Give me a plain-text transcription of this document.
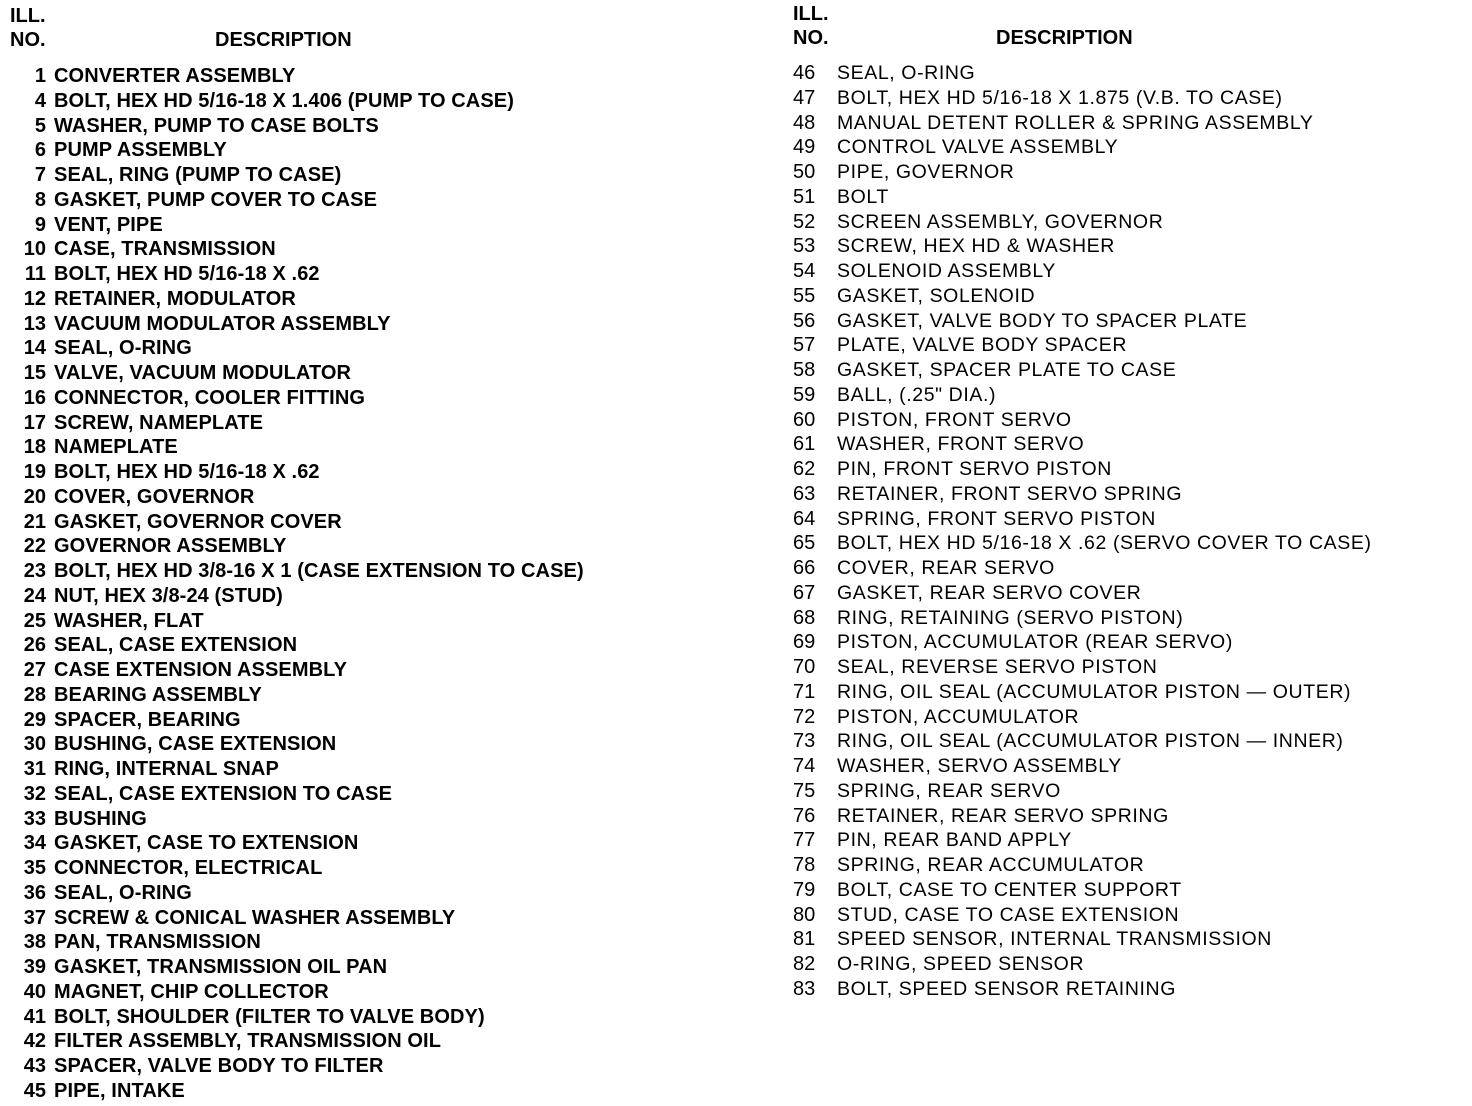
ILL.
NO.	DESCRIPTION
1 CONVERTER ASSEMBLY
4 BOLT, HEX HD 5/16-18 X 1.406 (PUMP TO CASE)
5 WASHER, PUMP TO CASE BOLTS
6 PUMP ASSEMBLY
7 SEAL, RING (PUMP TO CASE)
8 GASKET, PUMP COVER TO CASE
9 VENT, PIPE
10 CASE, TRANSMISSION
11 BOLT, HEX HD 5/16-18 X .62
12 RETAINER, MODULATOR
13 VACUUM MODULATOR ASSEMBLY
14 SEAL, O-RING
15 VALVE, VACUUM MODULATOR
16 CONNECTOR, COOLER FITTING
17 SCREW, NAMEPLATE
18 NAMEPLATE
19 BOLT, HEX HD 5/16-18 X .62
20 COVER, GOVERNOR
21 GASKET, GOVERNOR COVER
22 GOVERNOR ASSEMBLY
23 BOLT, HEX HD 3/8-16 X 1 (CASE EXTENSION TO CASE)
24 NUT, HEX 3/8-24 (STUD)
25 WASHER, FLAT
26 SEAL, CASE EXTENSION
27 CASE EXTENSION ASSEMBLY
28 BEARING ASSEMBLY
29 SPACER, BEARING
30 BUSHING, CASE EXTENSION
31 RING, INTERNAL SNAP
32 SEAL, CASE EXTENSION TO CASE
33 BUSHING
34 GASKET, CASE TO EXTENSION
35 CONNECTOR, ELECTRICAL
36 SEAL, O-RING
37 SCREW & CONICAL WASHER ASSEMBLY
38 PAN, TRANSMISSION
39 GASKET, TRANSMISSION OIL PAN
40 MAGNET, CHIP COLLECTOR
41 BOLT, SHOULDER (FILTER TO VALVE BODY)
42 FILTER ASSEMBLY, TRANSMISSION OIL
43 SPACER, VALVE BODY TO FILTER
45 PIPE, INTAKE
ILL.
NO.	DESCRIPTION
46	SEAL, O-RING
47	BOLT, HEX HD 5/16-18 X 1.875 (V.B. TO CASE)
48	MANUAL DETENT ROLLER & SPRING ASSEMBLY
49	CONTROL VALVE ASSEMBLY
50	PIPE, GOVERNOR
51	BOLT
52	SCREEN ASSEMBLY, GOVERNOR
53	SCREW, HEX HD & WASHER
54	SOLENOID ASSEMBLY
55	GASKET, SOLENOID
56	GASKET, VALVE BODY TO SPACER PLATE
57	PLATE, VALVE BODY SPACER
58	GASKET, SPACER PLATE TO CASE
59	BALL, (.25" DIA.)
60	PISTON, FRONT SERVO
61	WASHER, FRONT SERVO
62	PIN, FRONT SERVO PISTON
63	RETAINER, FRONT SERVO SPRING
64	SPRING, FRONT SERVO PISTON
65	BOLT, HEX HD 5/16-18 X .62 (SERVO COVER TO CASE)
66	COVER, REAR SERVO
67	GASKET, REAR SERVO COVER
68	RING, RETAINING (SERVO PISTON)
69	PISTON, ACCUMULATOR (REAR SERVO)
70	SEAL, REVERSE SERVO PISTON
71	RING, OIL SEAL (ACCUMULATOR PISTON — OUTER)
72	PISTON, ACCUMULATOR
73	RING, OIL SEAL (ACCUMULATOR PISTON — INNER)
74	WASHER, SERVO ASSEMBLY
75	SPRING, REAR SERVO
76	RETAINER, REAR SERVO SPRING
77	PIN, REAR BAND APPLY
78	SPRING, REAR ACCUMULATOR
79	BOLT, CASE TO CENTER SUPPORT
80	STUD, CASE TO CASE EXTENSION
81	SPEED SENSOR, INTERNAL TRANSMISSION
82	O-RING, SPEED SENSOR
83	BOLT, SPEED SENSOR RETAINING
